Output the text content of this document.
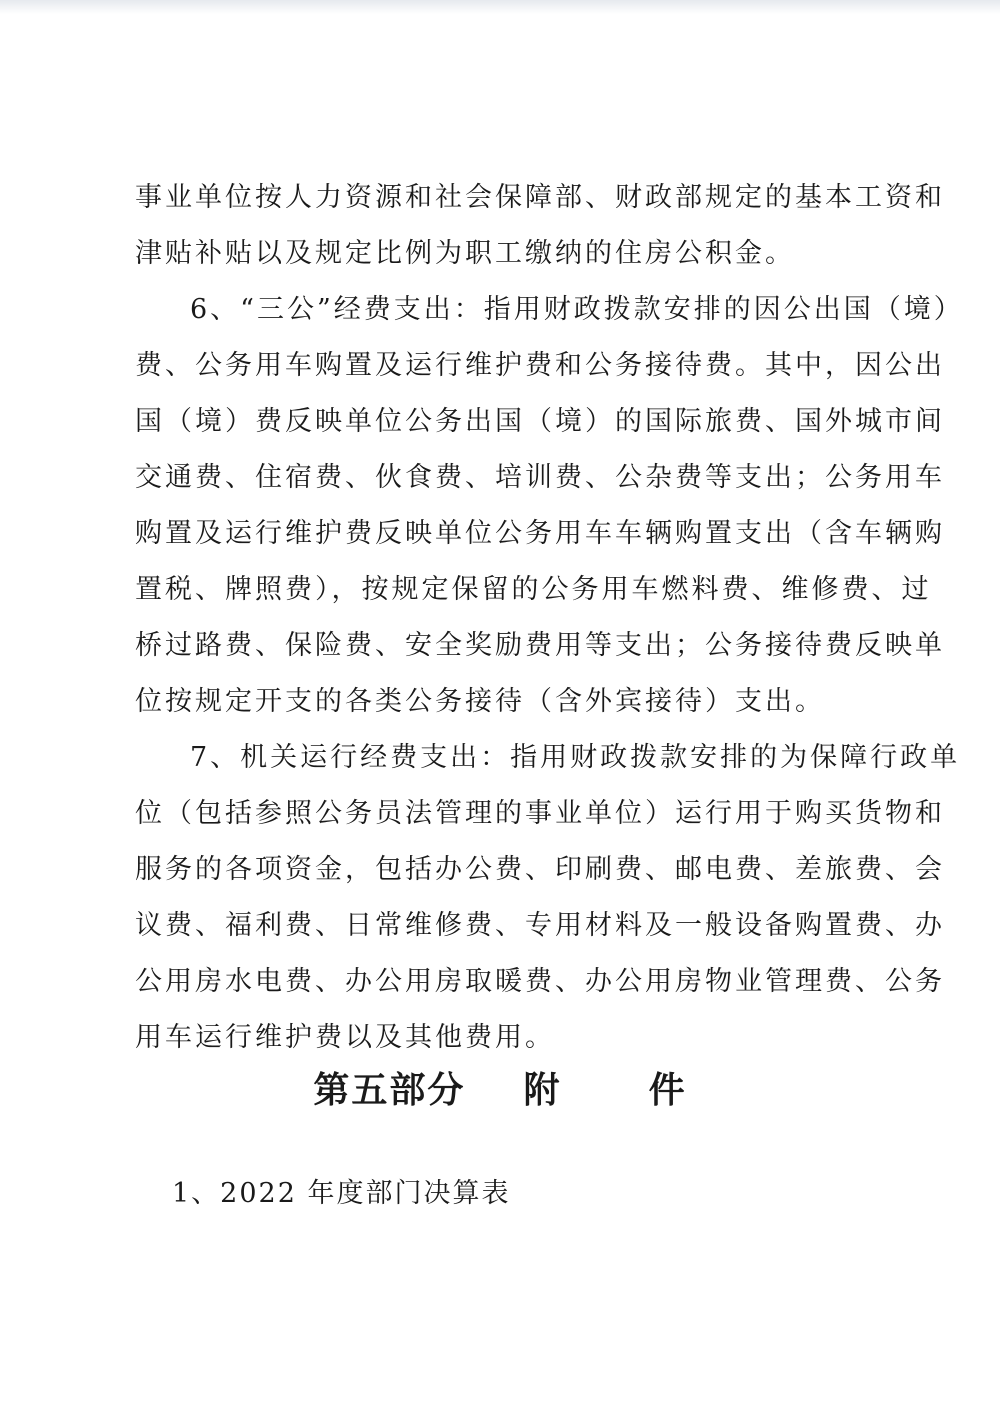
事业单位按人力资源和社会保障部、财政部规定的基本工资和
津贴补贴以及规定比例为职工缴纳的住房公积金。
6、“三公”经费支出：指用财政拨款安排的因公出国（境）
费、公务用车购置及运行维护费和公务接待费。其中，因公出
国（境）费反映单位公务出国（境）的国际旅费、国外城市间
交通费、住宿费、伙食费、培训费、公杂费等支出；公务用车
购置及运行维护费反映单位公务用车车辆购置支出（含车辆购
置税、牌照费），按规定保留的公务用车燃料费、维修费、过
桥过路费、保险费、安全奖励费用等支出；公务接待费反映单
位按规定开支的各类公务接待（含外宾接待）支出。
7、机关运行经费支出：指用财政拨款安排的为保障行政单
位（包括参照公务员法管理的事业单位）运行用于购买货物和
服务的各项资金，包括办公费、印刷费、邮电费、差旅费、会
议费、福利费、日常维修费、专用材料及一般设备购置费、办
公用房水电费、办公用房取暖费、办公用房物业管理费、公务
用车运行维护费以及其他费用。
第五部分    附      件
1、2022 年度部门决算表
